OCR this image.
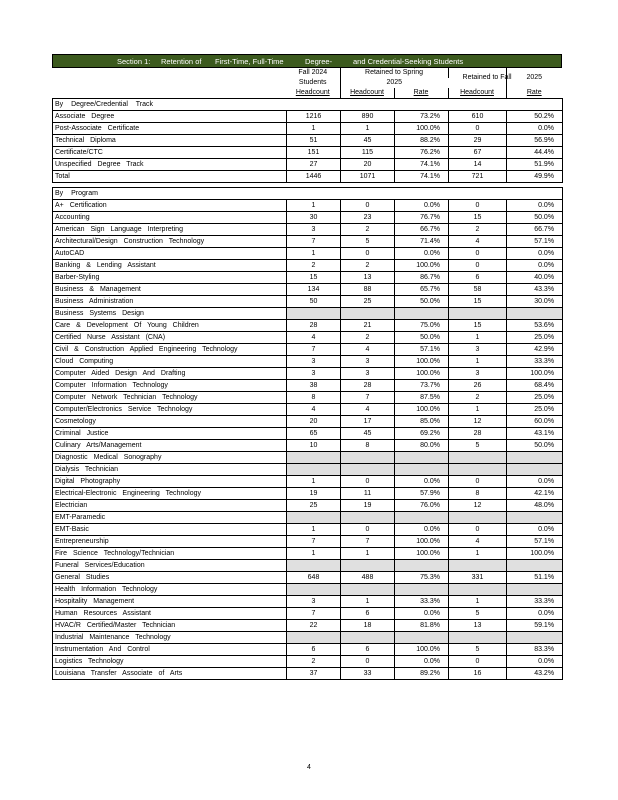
Section 1: Retention of First-Time, Full-Time	Degree-	and Credential-Seeking Students
	Fall 2024	Retained to Spring		Retained to Fall	2025
	Students	2025			
	Headcount	Headcount	Rate	Headcount	Rate
By Degree/Credential Track					
Associate Degree	1216	890	73.2%	610	50.2%
Post-Associate Certificate	1	1	100.0%	0	0.0%
Technical Diploma	51	45	88.2%	29	56.9%
Certificate/CTC	151	115	76.2%	67	44.4%
Unspecified Degree Track	27	20	74.1%	14	51.9%
Total	1446	1071	74.1%	721	49.9%
By Program					
A+ Certification	1	0	0.0%	0	0.0%
Accounting	30	23	76.7%	15	50.0%
American Sign Language Interpreting	3	2	66.7%	2	66.7%
Architectural/Design Construction Technology	7	5	71.4%	4	57.1%
AutoCAD	1	0	0.0%	0	0.0%
Banking & Lending Assistant	2	2	100.0%	0	0.0%
Barber-Styling	15	13	86.7%	6	40.0%
Business & Management	134	88	65.7%	58	43.3%
Business Administration	50	25	50.0%	15	30.0%
Business Systems Design					
Care & Development Of Young Children	28	21	75.0%	15	53.6%
Certified Nurse Assistant (CNA)	4	2	50.0%	1	25.0%
Civil & Construction Applied Engineering Technology	7	4	57.1%	3	42.9%
Cloud Computing	3	3	100.0%	1	33.3%
Computer Aided Design And Drafting	3	3	100.0%	3	100.0%
Computer Information Technology	38	28	73.7%	26	68.4%
Computer Network Technician Technology	8	7	87.5%	2	25.0%
Computer/Electronics Service Technology	4	4	100.0%	1	25.0%
Cosmetology	20	17	85.0%	12	60.0%
Criminal Justice	65	45	69.2%	28	43.1%
Culinary Arts/Management	10	8	80.0%	5	50.0%
Diagnostic Medical Sonography					
Dialysis Technician					
Digital Photography	1	0	0.0%	0	0.0%
Electrical-Electronic Engineering Technology	19	11	57.9%	8	42.1%
Electrician	25	19	76.0%	12	48.0%
EMT-Paramedic					
EMT-Basic	1	0	0.0%	0	0.0%
Entrepreneurship	7	7	100.0%	4	57.1%
Fire Science Technology/Technician	1	1	100.0%	1	100.0%
Funeral Services/Education					
General Studies	648	488	75.3%	331	51.1%
Health Information Technology					
Hospitality Management	3	1	33.3%	1	33.3%
Human Resources Assistant	7	6	0.0%	5	0.0%
HVAC/R Certified/Master Technician	22	18	81.8%	13	59.1%
Industrial Maintenance Technology					
Instrumentation And Control	6	6	100.0%	5	83.3%
Logistics Technology	2	0	0.0%	0	0.0%
Louisiana Transfer Associate of Arts	37	33	89.2%	16	43.2%
4
